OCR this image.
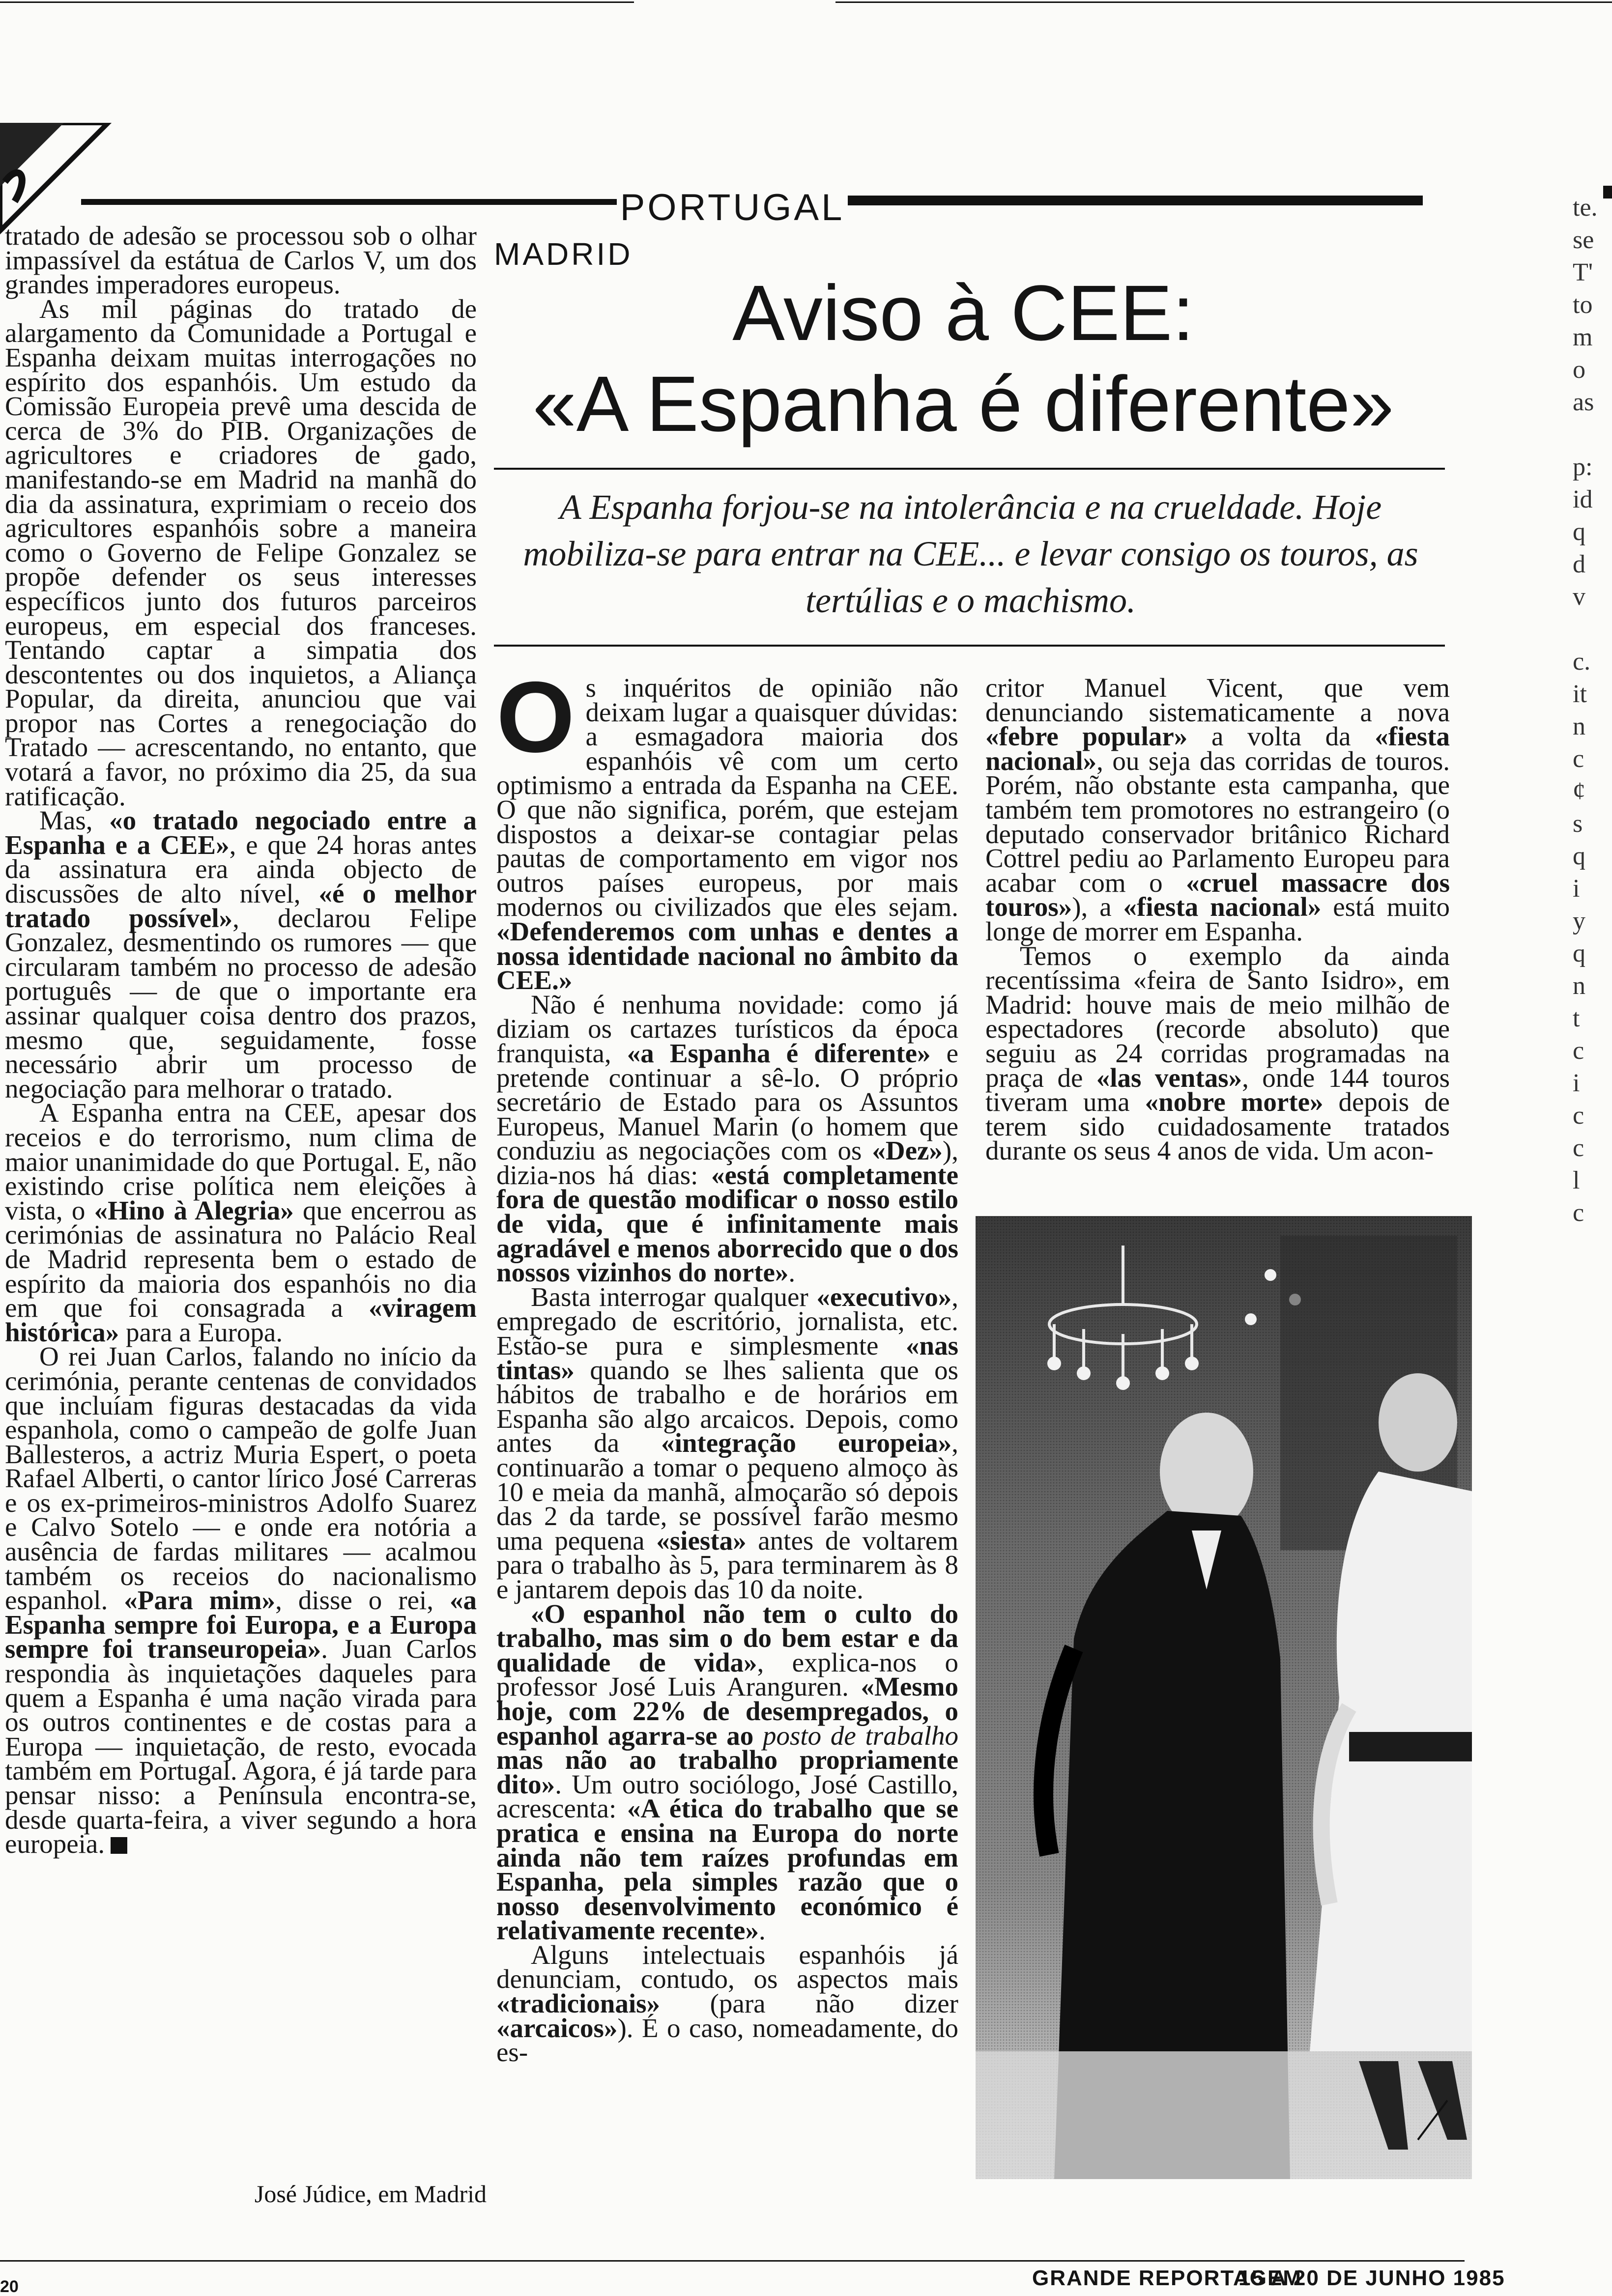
PORTUGAL
MADRID
Aviso à CEE:
«A Espanha é diferente»
A Espanha forjou-se na intolerância e na crueldade. Hoje mobiliza-se para entrar na CEE... e levar consigo os touros, as tertúlias e o machismo.

tratado de adesão se processou sob o olhar impassível da estátua de Carlos V, um dos grandes imperadores europeus.

As mil páginas do tratado de alargamento da Comunidade a Portugal e Espanha deixam muitas interrogações no espírito dos espanhóis. Um estudo da Comissão Europeia prevê uma descida de cerca de 3% do PIB. Organizações de agricultores e criadores de gado, manifestando-se em Madrid na manhã do dia da assinatura, exprimiam o receio dos agricultores espanhóis sobre a maneira como o Governo de Felipe Gonzalez se propõe defender os seus interesses específicos junto dos futuros parceiros europeus, em especial dos franceses. Tentando captar a simpatia dos descontentes ou dos inquietos, a Aliança Popular, da direita, anunciou que vai propor nas Cortes a renegociação do Tratado — acrescentando, no entanto, que votará a favor, no próximo dia 25, da sua ratificação.

Mas, «o tratado negociado entre a Espanha e a CEE», e que 24 horas antes da assinatura era ainda objecto de discussões de alto nível, «é o melhor tratado possível», declarou Felipe Gonzalez, desmentindo os rumores — que circularam também no processo de adesão português — de que o importante era assinar qualquer coisa dentro dos prazos, mesmo que, seguidamente, fosse necessário abrir um processo de negociação para melhorar o tratado.

A Espanha entra na CEE, apesar dos receios e do terrorismo, num clima de maior unanimidade do que Portugal. E, não existindo crise política nem eleições à vista, o «Hino à Alegria» que encerrou as cerimónias de assinatura no Palácio Real de Madrid representa bem o estado de espírito da maioria dos espanhóis no dia em que foi consagrada a «viragem histórica» para a Europa.

O rei Juan Carlos, falando no início da cerimónia, perante centenas de convidados que incluíam figuras destacadas da vida espanhola, como o campeão de golfe Juan Ballesteros, a actriz Muria Espert, o poeta Rafael Alberti, o cantor lírico José Carreras e os ex-primeiros-ministros Adolfo Suarez e Calvo Sotelo — e onde era notória a ausência de fardas militares — acalmou também os receios do nacionalismo espanhol. «Para mim», disse o rei, «a Espanha sempre foi Europa, e a Europa sempre foi transeuropeia». Juan Carlos respondia às inquietações daqueles para quem a Espanha é uma nação virada para os outros continentes e de costas para a Europa — inquietação, de resto, evocada também em Portugal. Agora, é já tarde para pensar nisso: a Península encontra-se, desde quarta-feira, a viver segundo a hora europeia.

José Júdice, em Madrid

Os inquéritos de opinião não deixam lugar a quaisquer dúvidas: a esmagadora maioria dos espanhóis vê com um certo optimismo a entrada da Espanha na CEE. O que não significa, porém, que estejam dispostos a deixar-se contagiar pelas pautas de comportamento em vigor nos outros países europeus, por mais modernos ou civilizados que eles sejam. «Defenderemos com unhas e dentes a nossa identidade nacional no âmbito da CEE.»

Não é nenhuma novidade: como já diziam os cartazes turísticos da época franquista, «a Espanha é diferente» e pretende continuar a sê-lo. O próprio secretário de Estado para os Assuntos Europeus, Manuel Marin (o homem que conduziu as negociações com os «Dez»), dizia-nos há dias: «está completamente fora de questão modificar o nosso estilo de vida, que é infinitamente mais agradável e menos aborrecido que o dos nossos vizinhos do norte».

Basta interrogar qualquer «executivo», empregado de escritório, jornalista, etc. Estão-se pura e simplesmente «nas tintas» quando se lhes salienta que os hábitos de trabalho e de horários em Espanha são algo arcaicos. Depois, como antes da «integração europeia», continuarão a tomar o pequeno almoço às 10 e meia da manhã, almoçarão só depois das 2 da tarde, se possível farão mesmo uma pequena «siesta» antes de voltarem para o trabalho às 5, para terminarem às 8 e jantarem depois das 10 da noite.

«O espanhol não tem o culto do trabalho, mas sim o do bem estar e da qualidade de vida», explica-nos o professor José Luis Aranguren. «Mesmo hoje, com 22% de desempregados, o espanhol agarra-se ao posto de trabalho mas não ao trabalho propriamente dito». Um outro sociólogo, José Castillo, acrescenta: «A ética do trabalho que se pratica e ensina na Europa do norte ainda não tem raízes profundas em Espanha, pela simples razão que o nosso desenvolvimento económico é relativamente recente».

Alguns intelectuais espanhóis já denunciam, contudo, os aspectos mais «tradicionais» (para não dizer «arcaicos»). É o caso, nomeadamente, do es-

critor Manuel Vicent, que vem denunciando sistematicamente a nova «febre popular» a volta da «fiesta nacional», ou seja das corridas de touros. Porém, não obstante esta campanha, que também tem promotores no estrangeiro (o deputado conservador britânico Richard Cottrel pediu ao Parlamento Europeu para acabar com o «cruel massacre dos touros»), a «fiesta nacional» está muito longe de morrer em Espanha.

Temos o exemplo da ainda recentíssima «feira de Santo Isidro», em Madrid: houve mais de meio milhão de espectadores (recorde absoluto) que seguiu as 24 corridas programadas na praça de «las ventas», onde 144 touros tiveram uma «nobre morte» depois de terem sido cuidadosamente tratados durante os seus 4 anos de vida. Um acon-

20	GRANDE REPORTAGEM
15 A 20 DE JUNHO 1985
te.
se
T'
to
m
o
as
p:
id
q
d
v
c.
it
n
c
¢
s
q
i
y
q
n
t
c
i
c
c
l
c
